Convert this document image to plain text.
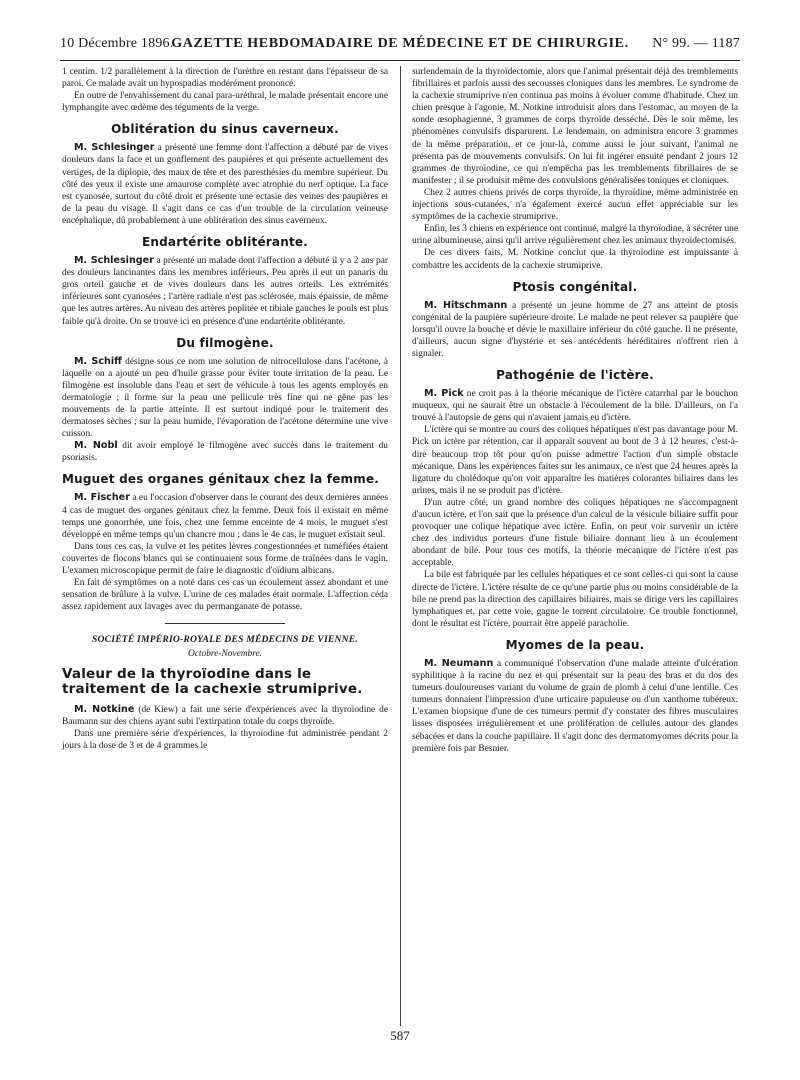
10 Décembre 1896.
GAZETTE HEBDOMADAIRE DE MÉDECINE ET DE CHIRURGIE.	N° 99. — 1187

1 centim. 1/2 parallèlement à la direction de l'urèthre en restant dans l'épaisseur de sa paroi. Ce malade avait un hypospadias modérément prononcé.

En outre de l'envahissement du canal para-uréthral, le malade présentait encore une lymphangite avec œdème des téguments de la verge.

Oblitération du sinus caverneux.

M. Schlesinger a présenté une femme dont l'affection a débuté par de vives douleurs dans la face et un gonflement des paupières et qui présente actuellement des vertiges, de la diplopie, des maux de tête et des paresthésies du membre supérieur. Du côté des yeux il existe une amaurose complète avec atrophie du nerf optique. La face est cyanosée, surtout du côté droit et présente une ectasie des veines des paupières et de la peau du visage. Il s'agit dans ce cas d'un trouble de la circulation veineuse encéphalique, dû probablement à une oblitération des sinus caverneux.

Endartérite oblitérante.

M. Schlesinger a présenté un malade dont l'affection a débuté il y a 2 ans par des douleurs lancinantes dans les membres inférieurs. Peu après il eut un panaris du gros orteil gauche et de vives douleurs dans les autres orteils. Les extrémités inférieures sont cyanosées ; l'artère radiale n'est pas sclérosée, mais épaissie, de même que les autres artères. Au niveau des artères poplitée et tibiale gauches le pouls est plus faible qu'à droite. On se trouve ici en présence d'une endartérite oblitérante.

Du filmogène.

M. Schiff désigne sous ce nom une solution de nitrocellulose dans l'acétone, à laquelle on a ajouté un peu d'huile grasse pour éviter toute irritation de la peau. Le filmogène est insoluble dans l'eau et sert de véhicule à tous les agents employés en dermatologie ; il forme sur la peau une pellicule très fine qui ne gêne pas les mouvements de la partie atteinte. Il est surtout indiqué pour le traitement des dermatoses sèches ; sur la peau humide, l'évaporation de l'acétone détermine une vive cuisson.

M. Nobl dit avoir employé le filmogène avec succès dans le traitement du psoriasis.

Muguet des organes génitaux chez la femme.

M. Fischer a eu l'occasion d'observer dans le courant des deux dernières années 4 cas de muguet des organes génitaux chez la femme. Deux fois il existait en même temps une gonorrhée, une fois, chez une femme enceinte de 4 mois, le muguet s'est développé en même temps qu'un chancre mou ; dans le 4e cas, le muguet existait seul.

Dans tous ces cas, la vulve et les petites lèvres congestionnées et tuméfiées étaient couvertes de flocons blancs qui se continuaient sous forme de traînées dans le vagin. L'examen microscopique permit de faire le diagnostic d'oïdium albicans.

En fait de symptômes on a noté dans ces cas un écoulement assez abondant et une sensation de brûlure à la vulve. L'urine de ces malades était normale. L'affection céda assez rapidement aux lavages avec du permanganate de potasse.

SOCIÉTÉ IMPÉRIO-ROYALE DES MÉDECINS DE VIENNE.
Octobre-Novembre.
Valeur de la thyroïodine dans le traitement de la cachexie strumiprive.

M. Notkine (de Kiew) a fait une série d'expériences avec la thyroïodine de Baumann sur des chiens ayant subi l'extirpation totale du corps thyroïde.

Dans une première série d'expériences, la thyroïodine fut administrée pendant 2 jours à la dose de 3 et de 4 grammes le

surlendemain de la thyroïdectomie, alors que l'animal présentait déjà des tremblements fibrillaires et parfois aussi des secousses cloniques dans les membres. Le syndrome de la cachexie strumiprive n'en continua pas moins à évoluer comme d'habitude. Chez un chien presque à l'agonie, M. Notkine introduisit alors dans l'estomac, au moyen de la sonde œsophagienne, 3 grammes de corps thyroïde desséché. Dès le soir même, les phénomènes convulsifs disparurent. Le lendemain, on administra encore 3 grammes de la même préparation, et ce jour-là, comme aussi le jour suivant, l'animal ne présenta pas de mouvements convulsifs. On lui fit ingérer ensuite pendant 2 jours 12 grammes de thyroïodine, ce qui n'empêcha pas les tremblements fibrillaires de se manifester ; il se produisit même des convulsions généralisées toniques et cloniques.

Chez 2 autres chiens privés de corps thyroïde, la thyroïdine, même administrée en injections sous-cutanées, n'a également exercé aucun effet appréciable sur les symptômes de la cachexie strumiprive.

Enfin, les 3 chiens en expérience ont continué, malgré la thyroïodine, à sécréter une urine albumineuse, ainsi qu'il arrive régulièrement chez les animaux thyroïdectomisés.

De ces divers faits, M. Notkine conclut que la thyroïodine est impuissante à combattre les accidents de la cachexie strumiprive.

Ptosis congénital.

M. Hitschmann a présenté un jeune homme de 27 ans atteint de ptosis congénital de la paupière supérieure droite. Le malade ne peut relever sa paupière que lorsqu'il ouvre la bouche et dévie le maxillaire inférieur du côté gauche. Il ne présente, d'ailleurs, aucun signe d'hystérie et ses antécédents héréditaires n'offrent rien à signaler.

Pathogénie de l'ictère.

M. Pick ne croit pas à la théorie mécanique de l'ictère catarrhal par le bouchon muqueux, qui ne saurait être un obstacle à l'écoulement de la bile. D'ailleurs, on l'a trouvé à l'autopsie de gens qui n'avaient jamais eu d'ictère.

L'ictère qui se montre au cours des coliques hépatiques n'est pas davantage pour M. Pick un ictère par rétention, car il apparaît souvent au bout de 3 à 12 heures, c'est-à-dire beaucoup trop tôt pour qu'on puisse admettre l'action d'un simple obstacle mécanique. Dans les expériences faites sur les animaux, ce n'est que 24 heures après la ligature du cholédoque qu'on voit apparaître les matières colorantes biliaires dans les urines, mais il ne se produit pas d'ictère.

D'un autre côté, un grand nombre des coliques hépatiques ne s'accompagnent d'aucun ictère, et l'on sait que la présence d'un calcul de la vésicule biliaire suffit pour provoquer une colique hépatique avec ictère. Enfin, on peut voir survenir un ictère chez des individus porteurs d'une fistule biliaire donnant lieu à un écoulement abondant de bile. Pour tous ces motifs, la théorie mécanique de l'ictère n'est pas acceptable.

La bile est fabriquée par les cellules hépatiques et ce sont celles-ci qui sont la cause directe de l'ictère. L'ictère résulte de ce qu'une partie plus ou moins considérable de la bile ne prend pas la direction des capillaires biliaires, mais se dirige vers les capillaires lymphatiques et, par cette voie, gagne le torrent circulatoire. Ce trouble fonctionnel, dont le résultat est l'ictère, pourrait être appelé paracholie.

Myomes de la peau.

M. Neumann a communiqué l'observation d'une malade atteinte d'ulcération syphilitique à la racine du nez et qui présentait sur la peau des bras et du dos des tumeurs douloureuses variant du volume de grain de plomb à celui d'une lentille. Ces tumeurs donnaient l'impression d'une urticaire papuleuse ou d'un xanthome tubéreux. L'examen biopsique d'une de ces tumeurs permit d'y constater des fibres musculaires lisses disposées irrégulièrement et une prolifération de cellules autour des glandes sébacées et dans la couche papillaire. Il s'agit donc des dermatomyomes décrits pour la première fois par Besnier.

587
